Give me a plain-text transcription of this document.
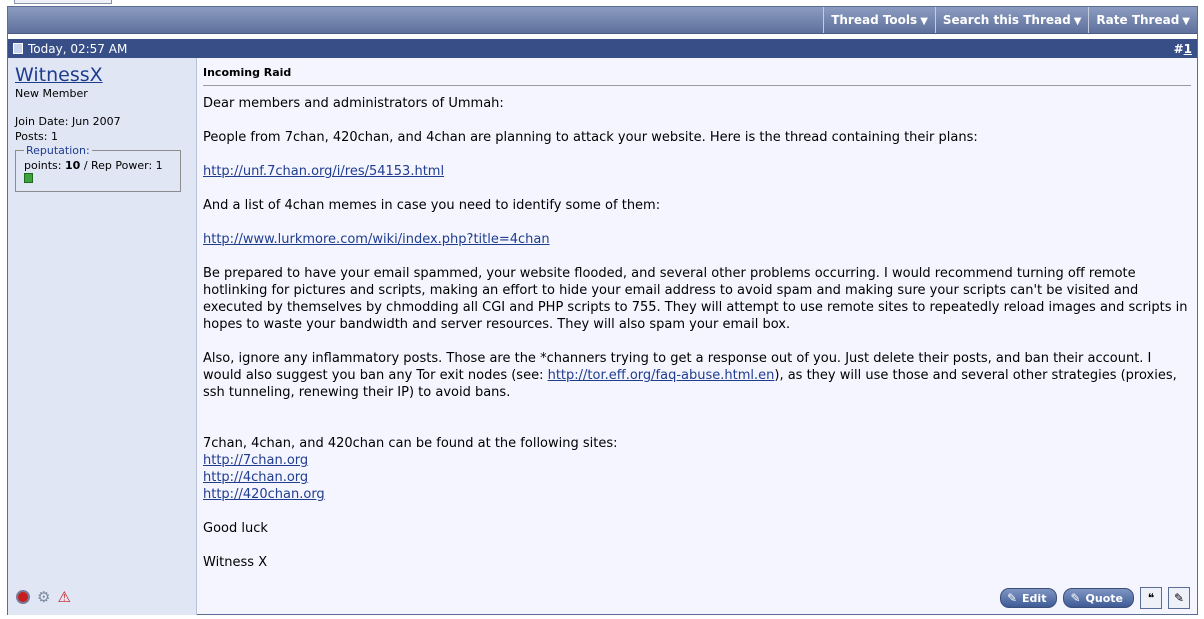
Thread Tools ▼	Search this Thread ▼	Rate Thread ▼
Today, 02:57 AM	#1
WitnessX
New Member
Join Date: Jun 2007
Posts: 1
Reputation:
points: 10 / Rep Power: 1
⚙ ⚠
Incoming Raid

Dear members and administrators of Ummah:

People from 7chan, 420chan, and 4chan are planning to attack your website. Here is the thread containing their plans:

http://unf.7chan.org/i/res/54153.html

And a list of 4chan memes in case you need to identify some of them:

http://www.lurkmore.com/wiki/index.php?title=4chan

Be prepared to have your email spammed, your website flooded, and several other problems occurring. I would recommend turning off remote hotlinking for pictures and scripts, making an effort to hide your email address to avoid spam and making sure your scripts can't be visited and executed by themselves by chmodding all CGI and PHP scripts to 755. They will attempt to use remote sites to repeatedly reload images and scripts in hopes to waste your bandwidth and server resources. They will also spam your email box.

Also, ignore any inflammatory posts. Those are the *channers trying to get a response out of you. Just delete their posts, and ban their account. I would also suggest you ban any Tor exit nodes (see: http://tor.eff.org/faq-abuse.html.en), as they will use those and several other strategies (proxies, ssh tunneling, renewing their IP) to avoid bans.

7chan, 4chan, and 420chan can be found at the following sites:
http://7chan.org
http://4chan.org
http://420chan.org

Good luck

Witness X

✎ Edit ✎ Quote ❝ ✎
